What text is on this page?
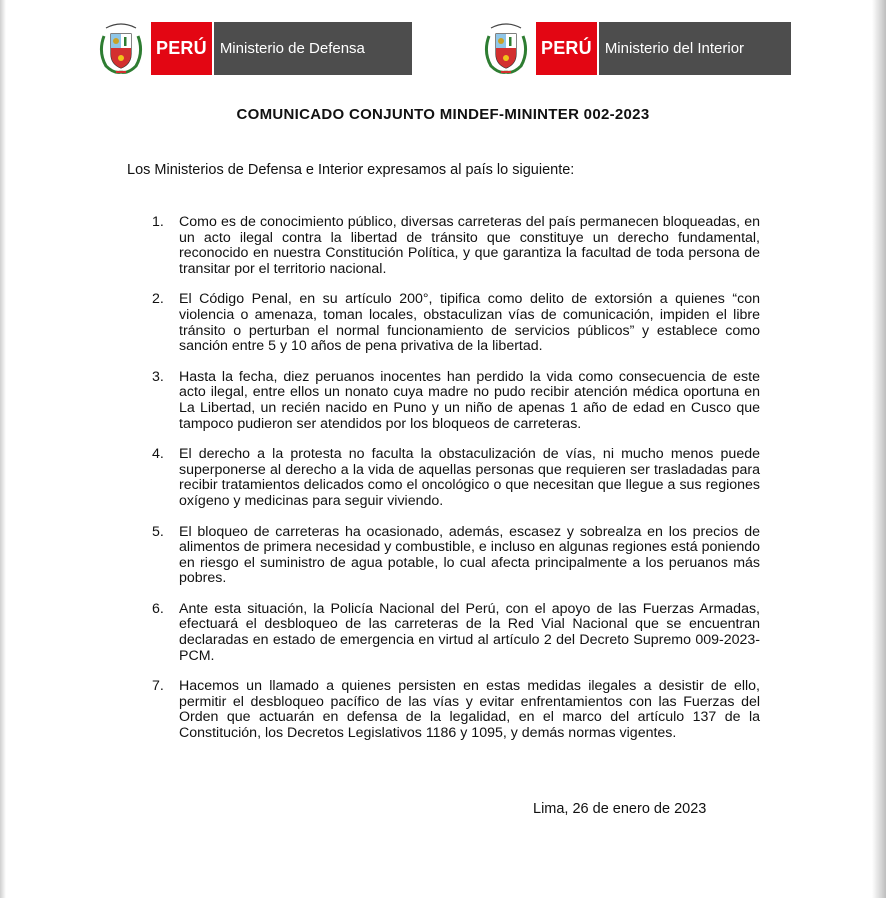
PERÚ Ministerio de Defensa	PERÚ Ministerio del Interior
COMUNICADO CONJUNTO MINDEF-MININTER 002-2023
Los Ministerios de Defensa e Interior expresamos al país lo siguiente:
1. Como es de conocimiento público, diversas carreteras del país permanecen bloqueadas, en un acto ilegal contra la libertad de tránsito que constituye un derecho fundamental, reconocido en nuestra Constitución Política, y que garantiza la facultad de toda persona de transitar por el territorio nacional.
2. El Código Penal, en su artículo 200°, tipifica como delito de extorsión a quienes “con violencia o amenaza, toman locales, obstaculizan vías de comunicación, impiden el libre tránsito o perturban el normal funcionamiento de servicios públicos” y establece como sanción entre 5 y 10 años de pena privativa de la libertad.
3. Hasta la fecha, diez peruanos inocentes han perdido la vida como consecuencia de este acto ilegal, entre ellos un nonato cuya madre no pudo recibir atención médica oportuna en La Libertad, un recién nacido en Puno y un niño de apenas 1 año de edad en Cusco que tampoco pudieron ser atendidos por los bloqueos de carreteras.
4. El derecho a la protesta no faculta la obstaculización de vías, ni mucho menos puede superponerse al derecho a la vida de aquellas personas que requieren ser trasladadas para recibir tratamientos delicados como el oncológico o que necesitan que llegue a sus regiones oxígeno y medicinas para seguir viviendo.
5. El bloqueo de carreteras ha ocasionado, además, escasez y sobrealza en los precios de alimentos de primera necesidad y combustible, e incluso en algunas regiones está poniendo en riesgo el suministro de agua potable, lo cual afecta principalmente a los peruanos más pobres.
6. Ante esta situación, la Policía Nacional del Perú, con el apoyo de las Fuerzas Armadas, efectuará el desbloqueo de las carreteras de la Red Vial Nacional que se encuentran declaradas en estado de emergencia en virtud al artículo 2 del Decreto Supremo 009-2023-PCM.
7. Hacemos un llamado a quienes persisten en estas medidas ilegales a desistir de ello, permitir el desbloqueo pacífico de las vías y evitar enfrentamientos con las Fuerzas del Orden que actuarán en defensa de la legalidad, en el marco del artículo 137 de la Constitución, los Decretos Legislativos 1186 y 1095, y demás normas vigentes.
Lima, 26 de enero de 2023
